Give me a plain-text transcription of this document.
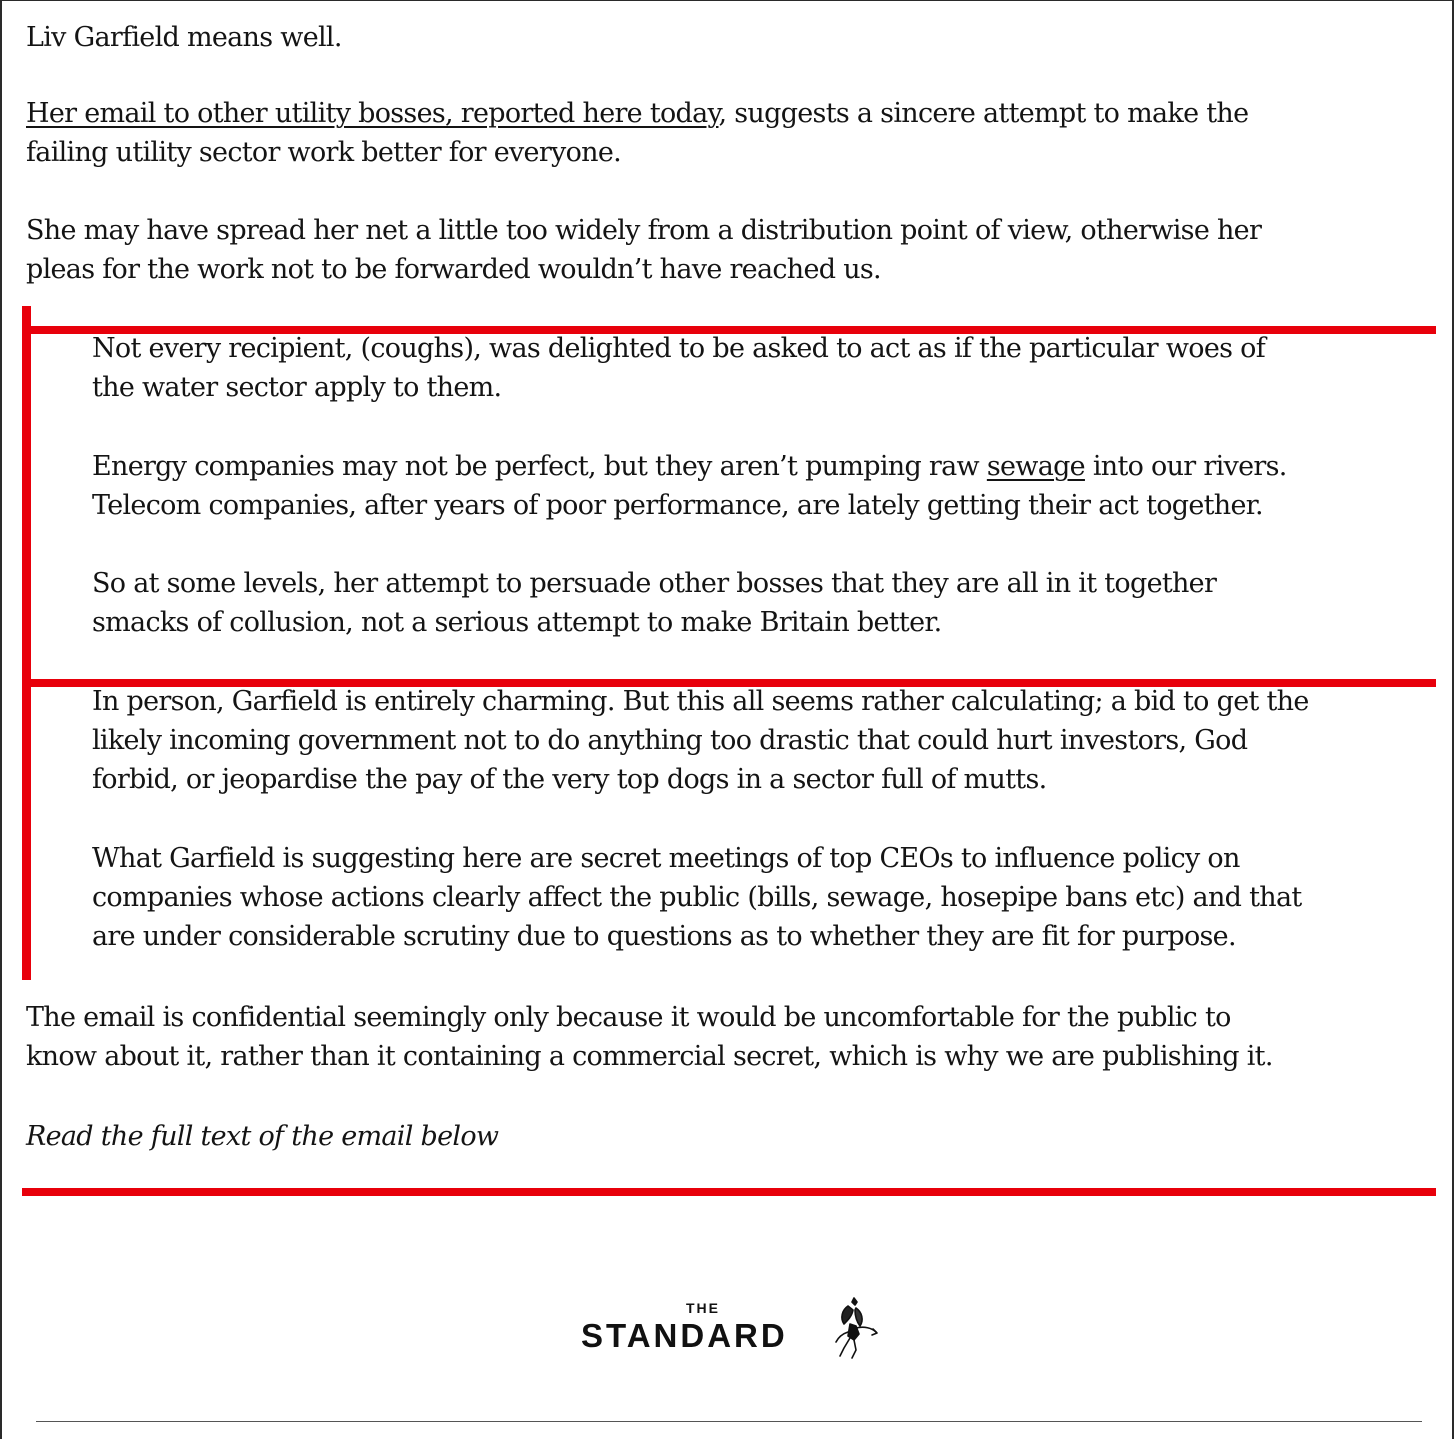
Liv Garfield means well.

Her email to other utility bosses, reported here today, suggests a sincere attempt to make the

failing utility sector work better for everyone.

She may have spread her net a little too widely from a distribution point of view, otherwise her

pleas for the work not to be forwarded wouldn’t have reached us.

Not every recipient, (coughs), was delighted to be asked to act as if the particular woes of

the water sector apply to them.

Energy companies may not be perfect, but they aren’t pumping raw sewage into our rivers.

Telecom companies, after years of poor performance, are lately getting their act together.

So at some levels, her attempt to persuade other bosses that they are all in it together

smacks of collusion, not a serious attempt to make Britain better.

In person, Garfield is entirely charming. But this all seems rather calculating; a bid to get the

likely incoming government not to do anything too drastic that could hurt investors, God

forbid, or jeopardise the pay of the very top dogs in a sector full of mutts.

What Garfield is suggesting here are secret meetings of top CEOs to influence policy on

companies whose actions clearly affect the public (bills, sewage, hosepipe bans etc) and that

are under considerable scrutiny due to questions as to whether they are fit for purpose.

The email is confidential seemingly only because it would be uncomfortable for the public to

know about it, rather than it containing a commercial secret, which is why we are publishing it.

Read the full text of the email below

THE
STANDARD
